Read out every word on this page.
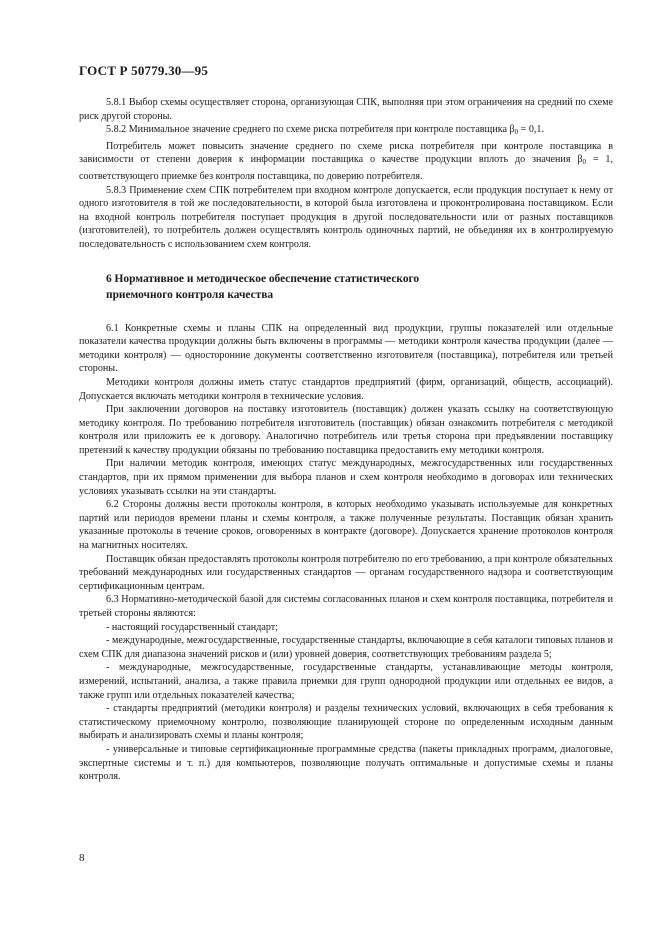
ГОСТ Р 50779.30—95

5.8.1 Выбор схемы осуществляет сторона, организующая СПК, выполняя при этом ограничения на средний по схеме риск другой стороны.

5.8.2 Минимальное значение среднего по схеме риска потребителя при контроле поставщика $\beta_0 = 0,1$.

Потребитель может повысить значение среднего по схеме риска потребителя при контроле поставщика в зависимости от степени доверия к информации поставщика о качестве продукции вплоть до значения $\beta_0 = 1$, соответствующего приемке без контроля поставщика, по доверию потребителя.

5.8.3 Применение схем СПК потребителем при входном контроле допускается, если продукция поступает к нему от одного изготовителя в той же последовательности, в которой была изготовлена и проконтролирована поставщиком. Если на входной контроль потребителя поступает продукция в другой последовательности или от разных поставщиков (изготовителей), то потребитель должен осуществлять контроль одиночных партий, не объединяя их в контролируемую последовательность с использованием схем контроля.

6 Нормативное и методическое обеспечение статистического
приемочного контроля качества

6.1 Конкретные схемы и планы СПК на определенный вид продукции, группы показателей или отдельные показатели качества продукции должны быть включены в программы — методики контроля качества продукции (далее — методики контроля) — односторонние документы соответственно изготовителя (поставщика), потребителя или третьей стороны.

Методики контроля должны иметь статус стандартов предприятий (фирм, организаций, обществ, ассоциаций). Допускается включать методики контроля в технические условия.

При заключении договоров на поставку изготовитель (поставщик) должен указать ссылку на соответствующую методику контроля. По требованию потребителя изготовитель (поставщик) обязан ознакомить потребителя с методикой контроля или приложить ее к договору. Аналогично потребитель или третья сторона при предъявлении поставщику претензий к качеству продукции обязаны по требованию поставщика предоставить ему методики контроля.

При наличии методик контроля, имеющих статус международных, межгосударственных или государственных стандартов, при их прямом применении для выбора планов и схем контроля необходимо в договорах или технических условиях указывать ссылки на эти стандарты.

6.2 Стороны должны вести протоколы контроля, в которых необходимо указывать используемые для конкретных партий или периодов времени планы и схемы контроля, а также полученные результаты. Поставщик обязан хранить указанные протоколы в течение сроков, оговоренных в контракте (договоре). Допускается хранение протоколов контроля на магнитных носителях.

Поставщик обязан предоставлять протоколы контроля потребителю по его требованию, а при контроле обязательных требований международных или государственных стандартов — органам государственного надзора и соответствующим сертификационным центрам.

6.3 Нормативно-методической базой для системы согласованных планов и схем контроля поставщика, потребителя и третьей стороны являются:

- настоящий государственный стандарт;

- международные, межгосударственные, государственные стандарты, включающие в себя каталоги типовых планов и схем СПК для диапазона значений рисков и (или) уровней доверия, соответствующих требованиям раздела 5;

- международные, межгосударственные, государственные стандарты, устанавливающие методы контроля, измерений, испытаний, анализа, а также правила приемки для групп однородной продукции или отдельных ее видов, а также групп или отдельных показателей качества;

- стандарты предприятий (методики контроля) и разделы технических условий, включающих в себя требования к статистическому приемочному контролю, позволяющие планирующей стороне по определенным исходным данным выбирать и анализировать схемы и планы контроля;

- универсальные и типовые сертификационные программные средства (пакеты прикладных программ, диалоговые, экспертные системы и т. п.) для компьютеров, позволяющие получать оптимальные и допустимые схемы и планы контроля.

8
